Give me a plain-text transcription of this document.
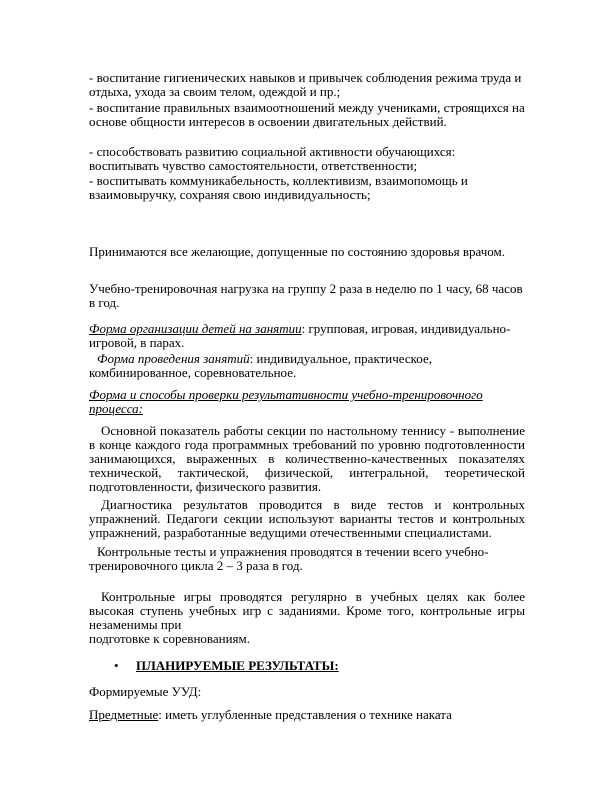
- воспитание гигиенических навыков и привычек соблюдения режима труда и отдыха, ухода за своим телом, одеждой и пр.;

- воспитание правильных взаимоотношений между учениками, строящихся на основе общности интересов в освоении двигательных действий.

- способствовать развитию социальной активности обучающихся: воспитывать чувство самостоятельности, ответственности;

- воспитывать коммуникабельность, коллективизм, взаимопомощь и взаимовыручку, сохраняя свою индивидуальность;

Принимаются все желающие, допущенные по состоянию здоровья врачом.

Учебно-тренировочная нагрузка на группу 2 раза в неделю по 1 часу, 68 часов в год.

Форма организации детей на занятии: групповая, игровая, индивидуально-игровой, в парах.

Форма проведения занятий: индивидуальное, практическое, комбинированное, соревновательное.

Форма и способы проверки результативности учебно-тренировочного процесса:

Основной показатель работы секции по настольному теннису - выполнение в конце каждого года программных требований по уровню подготовленности занимающихся, выраженных в количественно-качественных показателях технической, тактической, физической, интегральной, теоретической подготовленности, физического развития.

Диагностика результатов проводится в виде тестов и контрольных упражнений. Педагоги секции используют варианты тестов и контрольных упражнений, разработанные ведущими отечественными специалистами.

Контрольные тесты и упражнения проводятся в течении всего учебно-тренировочного цикла 2 – 3 раза в год.

Контрольные игры проводятся регулярно в учебных целях как более высокая ступень учебных игр с заданиями. Кроме того, контрольные игры незаменимы при

подготовке к соревнованиям.

• ПЛАНИРУЕМЫЕ РЕЗУЛЬТАТЫ:

Формируемые УУД:

Предметные: иметь углубленные представления о технике наката
